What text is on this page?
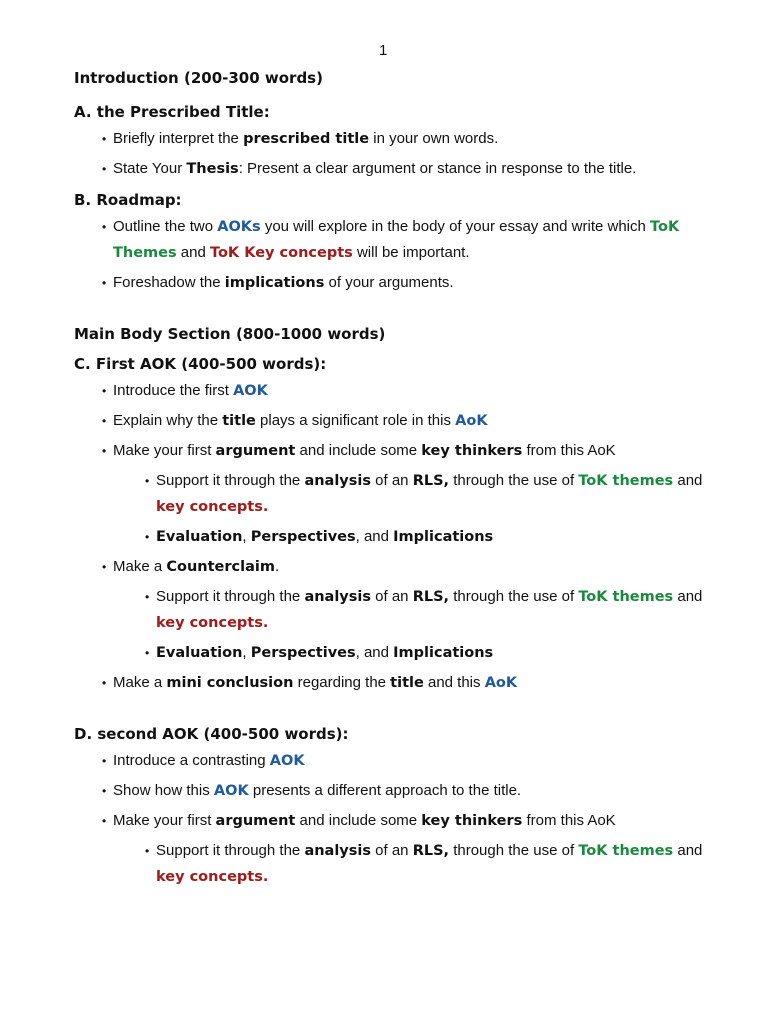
1

Introduction (200-300 words)

A. the Prescribed Title:

• Briefly interpret the prescribed title in your own words.
• State Your Thesis: Present a clear argument or stance in response to the title.

B. Roadmap:

• Outline the two AOKs you will explore in the body of your essay and write which ToK Themes and ToK Key concepts will be important.
• Foreshadow the implications of your arguments.

Main Body Section (800-1000 words)

C. First AOK (400-500 words):

• Introduce the first AOK
• Explain why the title plays a significant role in this AoK
• Make your first argument and include some key thinkers from this AoK
• Support it through the analysis of an RLS, through the use of ToK themes and key concepts.
• Evaluation, Perspectives, and Implications
• Make a Counterclaim.
• Support it through the analysis of an RLS, through the use of ToK themes and key concepts.
• Evaluation, Perspectives, and Implications
• Make a mini conclusion regarding the title and this AoK

D. second AOK (400-500 words):

• Introduce a contrasting AOK
• Show how this AOK presents a different approach to the title.
• Make your first argument and include some key thinkers from this AoK
• Support it through the analysis of an RLS, through the use of ToK themes and key concepts.
